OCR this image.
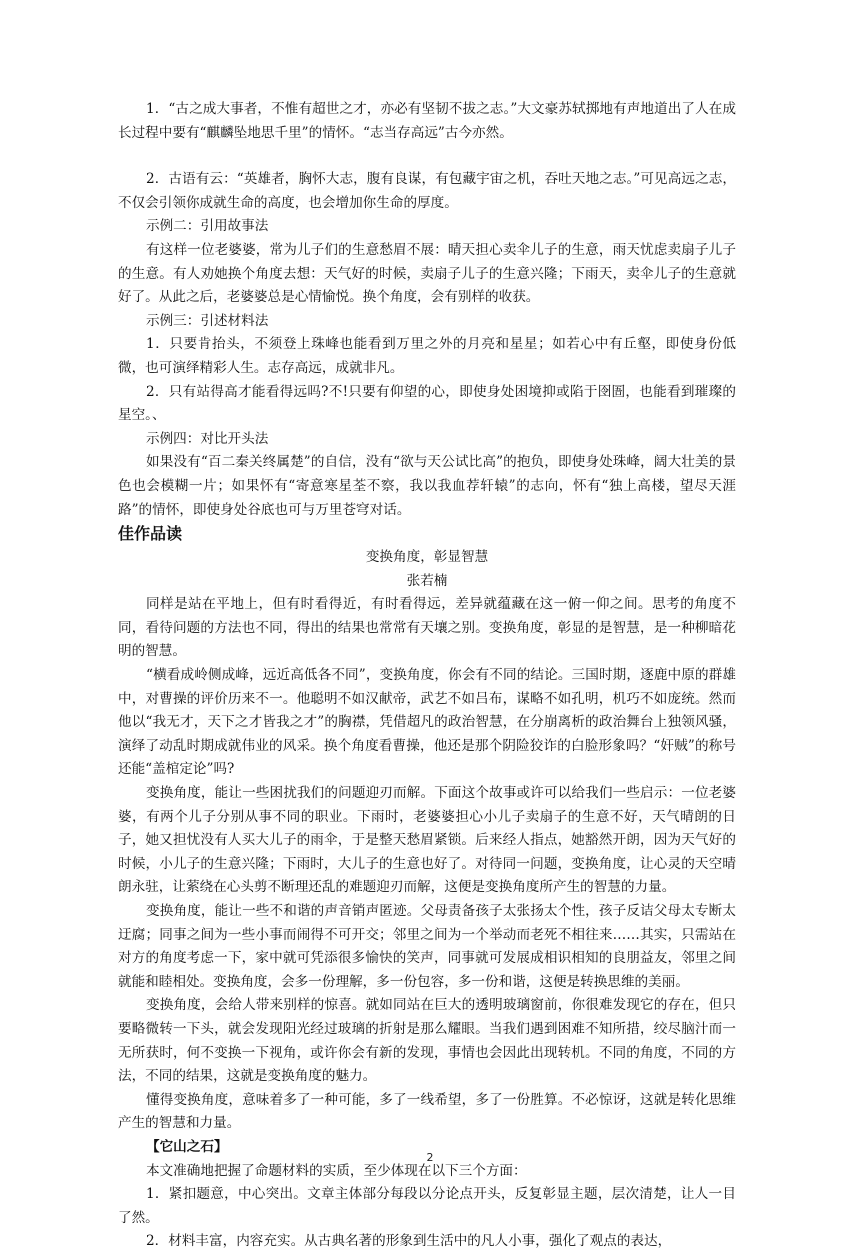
1．“古之成大事者，不惟有超世之才，亦必有坚韧不拔之志。”大文豪苏轼掷地有声地道出了人在成长过程中要有“麒麟坠地思千里”的情怀。“志当存高远”古今亦然。

2．古语有云：“英雄者，胸怀大志，腹有良谋，有包藏宇宙之机，吞吐天地之志。”可见高远之志，不仅会引领你成就生命的高度，也会增加你生命的厚度。

示例二：引用故事法

有这样一位老婆婆，常为儿子们的生意愁眉不展：晴天担心卖伞儿子的生意，雨天忧虑卖扇子儿子的生意。有人劝她换个角度去想：天气好的时候，卖扇子儿子的生意兴隆；下雨天，卖伞儿子的生意就好了。从此之后，老婆婆总是心情愉悦。换个角度，会有别样的收获。

示例三：引述材料法

1．只要肯抬头，不须登上珠峰也能看到万里之外的月亮和星星；如若心中有丘壑，即使身份低微，也可演绎精彩人生。志存高远，成就非凡。

2．只有站得高才能看得远吗?不!只要有仰望的心，即使身处困境抑或陷于囹圄，也能看到璀璨的星空。、

示例四：对比开头法

如果没有“百二秦关终属楚”的自信，没有“欲与天公试比高”的抱负，即使身处珠峰，阔大壮美的景色也会模糊一片；如果怀有“寄意寒星荃不察，我以我血荐轩辕”的志向，怀有“独上高楼，望尽天涯路”的情怀，即使身处谷底也可与万里苍穹对话。

佳作品读

变换角度，彰显智慧

张若楠

同样是站在平地上，但有时看得近，有时看得远，差异就蕴藏在这一俯一仰之间。思考的角度不同，看待问题的方法也不同，得出的结果也常常有天壤之别。变换角度，彰显的是智慧，是一种柳暗花明的智慧。

“横看成岭侧成峰，远近高低各不同”，变换角度，你会有不同的结论。三国时期，逐鹿中原的群雄中，对曹操的评价历来不一。他聪明不如汉献帝，武艺不如吕布，谋略不如孔明，机巧不如庞统。然而他以“我无才，天下之才皆我之才”的胸襟，凭借超凡的政治智慧，在分崩离析的政治舞台上独领风骚，演绎了动乱时期成就伟业的风采。换个角度看曹操，他还是那个阴险狡诈的白脸形象吗？“奸贼”的称号还能“盖棺定论”吗?

变换角度，能让一些困扰我们的问题迎刃而解。下面这个故事或许可以给我们一些启示：一位老婆婆，有两个儿子分别从事不同的职业。下雨时，老婆婆担心小儿子卖扇子的生意不好，天气晴朗的日子，她又担忧没有人买大儿子的雨伞，于是整天愁眉紧锁。后来经人指点，她豁然开朗，因为天气好的时候，小儿子的生意兴隆；下雨时，大儿子的生意也好了。对待同一问题，变换角度，让心灵的天空晴朗永驻，让萦绕在心头剪不断理还乱的难题迎刃而解，这便是变换角度所产生的智慧的力量。

变换角度，能让一些不和谐的声音销声匿迹。父母责备孩子太张扬太个性，孩子反诘父母太专断太迂腐；同事之间为一些小事而闹得不可开交；邻里之间为一个举动而老死不相往来……其实，只需站在对方的角度考虑一下，家中就可凭添很多愉快的笑声，同事就可发展成相识相知的良朋益友，邻里之间就能和睦相处。变换角度，会多一份理解，多一份包容，多一份和谐，这便是转换思维的美丽。

变换角度，会给人带来别样的惊喜。就如同站在巨大的透明玻璃窗前，你很难发现它的存在，但只要略微转一下头，就会发现阳光经过玻璃的折射是那么耀眼。当我们遇到困难不知所措，绞尽脑汁而一无所获时，何不变换一下视角，或许你会有新的发现，事情也会因此出现转机。不同的角度，不同的方法，不同的结果，这就是变换角度的魅力。

懂得变换角度，意味着多了一种可能，多了一线希望，多了一份胜算。不必惊讶，这就是转化思维产生的智慧和力量。

【它山之石】

本文准确地把握了命题材料的实质，至少体现在以下三个方面：

1．紧扣题意，中心突出。文章主体部分每段以分论点开头，反复彰显主题，层次清楚，让人一目了然。

2．材料丰富，内容充实。从古典名著的形象到生活中的凡人小事，强化了观点的表达，

2
